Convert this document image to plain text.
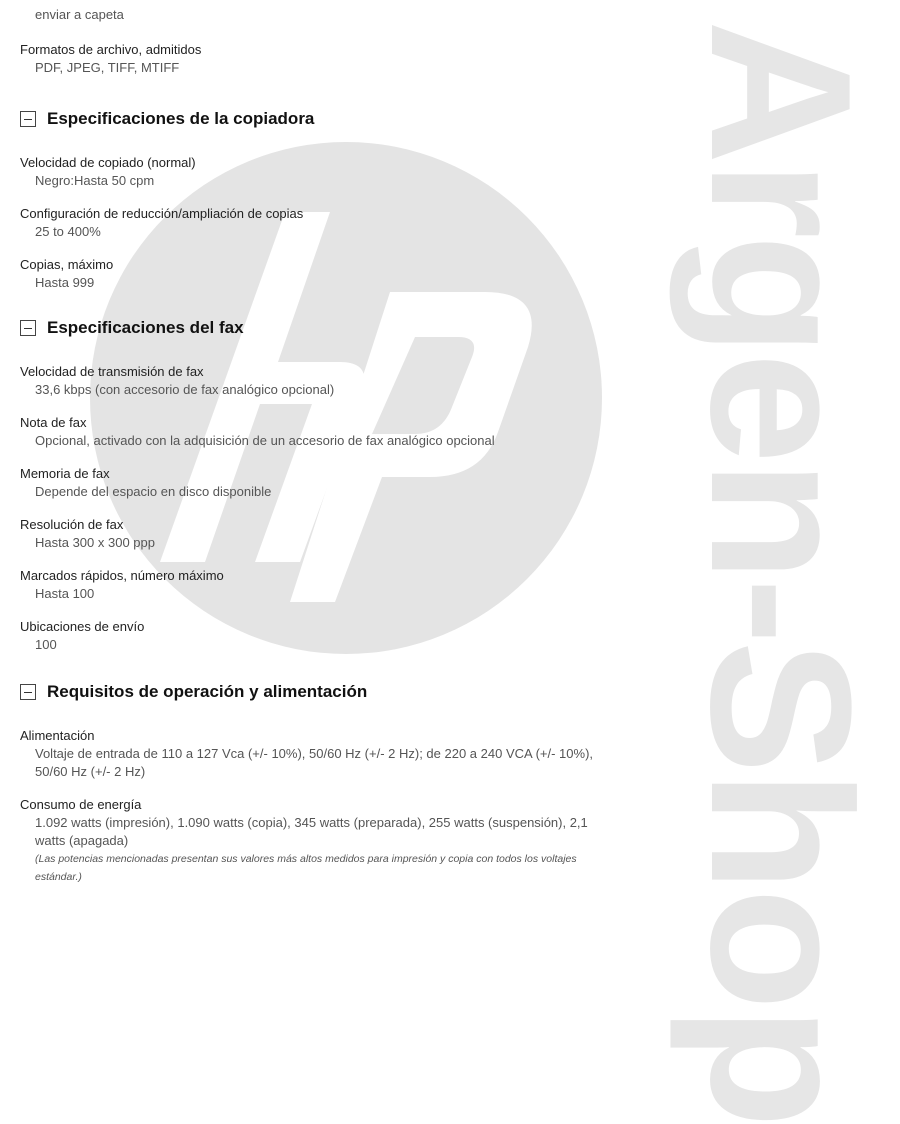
Argen-Shop
enviar a capeta
Formatos de archivo, admitidos
PDF, JPEG, TIFF, MTIFF
Especificaciones de la copiadora
Velocidad de copiado (normal)
Negro:Hasta 50 cpm
Configuración de reducción/ampliación de copias
25 to 400%
Copias, máximo
Hasta 999
Especificaciones del fax
Velocidad de transmisión de fax
33,6 kbps (con accesorio de fax analógico opcional)
Nota de fax
Opcional, activado con la adquisición de un accesorio de fax analógico opcional
Memoria de fax
Depende del espacio en disco disponible
Resolución de fax
Hasta 300 x 300 ppp
Marcados rápidos, número máximo
Hasta 100
Ubicaciones de envío
100
Requisitos de operación y alimentación
Alimentación
Voltaje de entrada de 110 a 127 Vca (+/- 10%), 50/60 Hz (+/- 2 Hz); de 220 a 240 VCA (+/- 10%), 50/60 Hz (+/- 2 Hz)
Consumo de energía
1.092 watts (impresión), 1.090 watts (copia), 345 watts (preparada), 255 watts (suspensión), 2,1 watts (apagada)
(Las potencias mencionadas presentan sus valores más altos medidos para impresión y copia con todos los voltajes estándar.)
